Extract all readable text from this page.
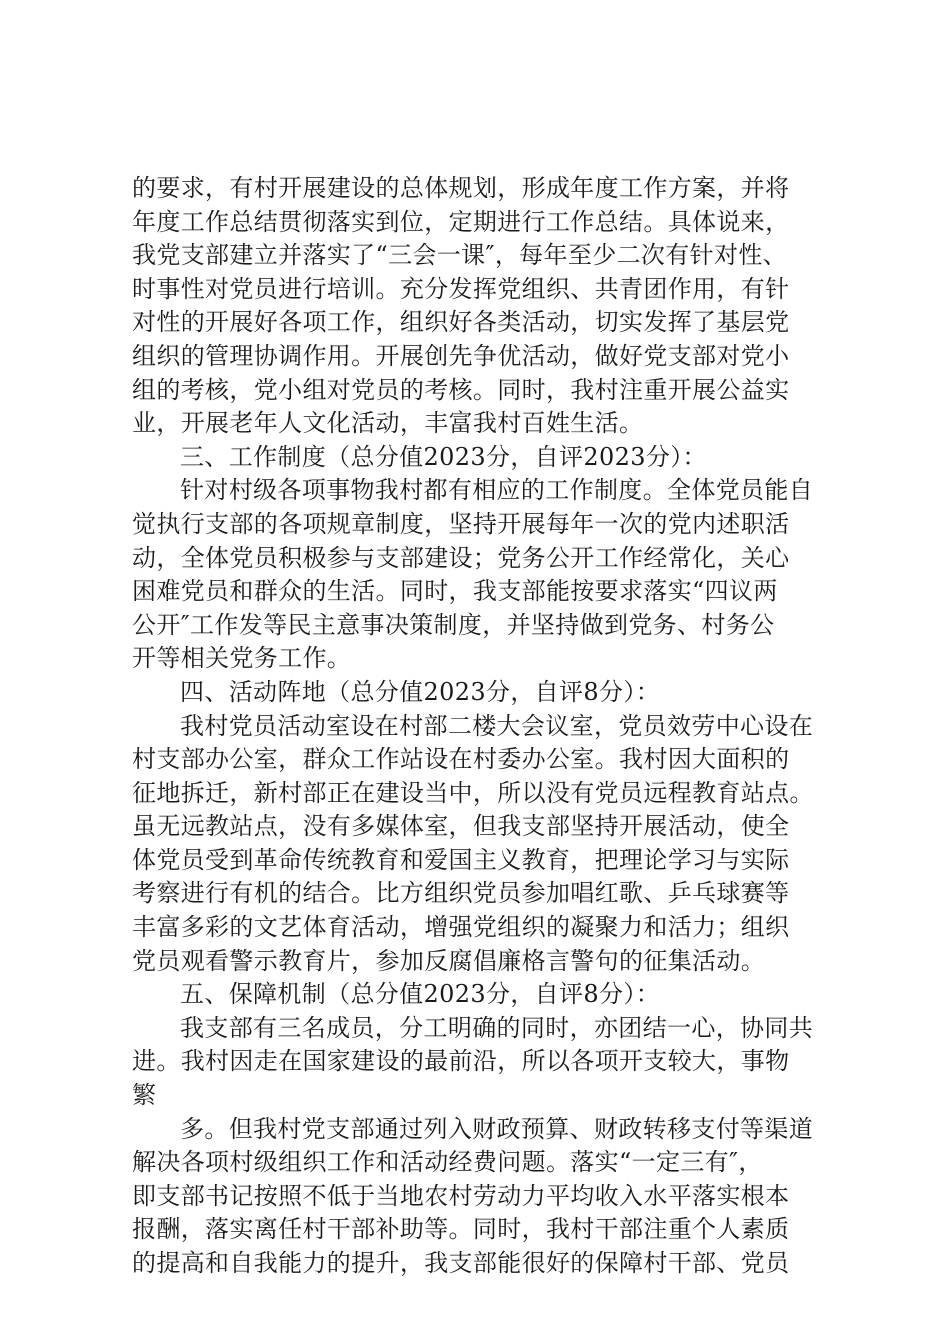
的要求，有村开展建设的总体规划，形成年度工作方案，并将
年度工作总结贯彻落实到位，定期进行工作总结。具体说来，
我党支部建立并落实了“三会一课″，每年至少二次有针对性、
时事性对党员进行培训。充分发挥党组织、共青团作用，有针
对性的开展好各项工作，组织好各类活动，切实发挥了基层党
组织的管理协调作用。开展创先争优活动，做好党支部对党小
组的考核，党小组对党员的考核。同时，我村注重开展公益实
业，开展老年人文化活动，丰富我村百姓生活。
三、工作制度（总分值2023分，自评2023分）：
针对村级各项事物我村都有相应的工作制度。全体党员能自
觉执行支部的各项规章制度，坚持开展每年一次的党内述职活
动，全体党员积极参与支部建设；党务公开工作经常化，关心
困难党员和群众的生活。同时，我支部能按要求落实“四议两
公开″工作发等民主意事决策制度，并坚持做到党务、村务公
开等相关党务工作。
四、活动阵地（总分值2023分，自评8分）：
我村党员活动室设在村部二楼大会议室，党员效劳中心设在
村支部办公室，群众工作站设在村委办公室。我村因大面积的
征地拆迁，新村部正在建设当中，所以没有党员远程教育站点。
虽无远教站点，没有多媒体室，但我支部坚持开展活动，使全
体党员受到革命传统教育和爱国主义教育，把理论学习与实际
考察进行有机的结合。比方组织党员参加唱红歌、乒乓球赛等
丰富多彩的文艺体育活动，增强党组织的凝聚力和活力；组织
党员观看警示教育片，参加反腐倡廉格言警句的征集活动。
五、保障机制（总分值2023分，自评8分）：
我支部有三名成员，分工明确的同时，亦团结一心，协同共
进。我村因走在国家建设的最前沿，所以各项开支较大，事物
繁
多。但我村党支部通过列入财政预算、财政转移支付等渠道
解决各项村级组织工作和活动经费问题。落实“一定三有″，
即支部书记按照不低于当地农村劳动力平均收入水平落实根本
报酬，落实离任村干部补助等。同时，我村干部注重个人素质
的提高和自我能力的提升，我支部能很好的保障村干部、党员
